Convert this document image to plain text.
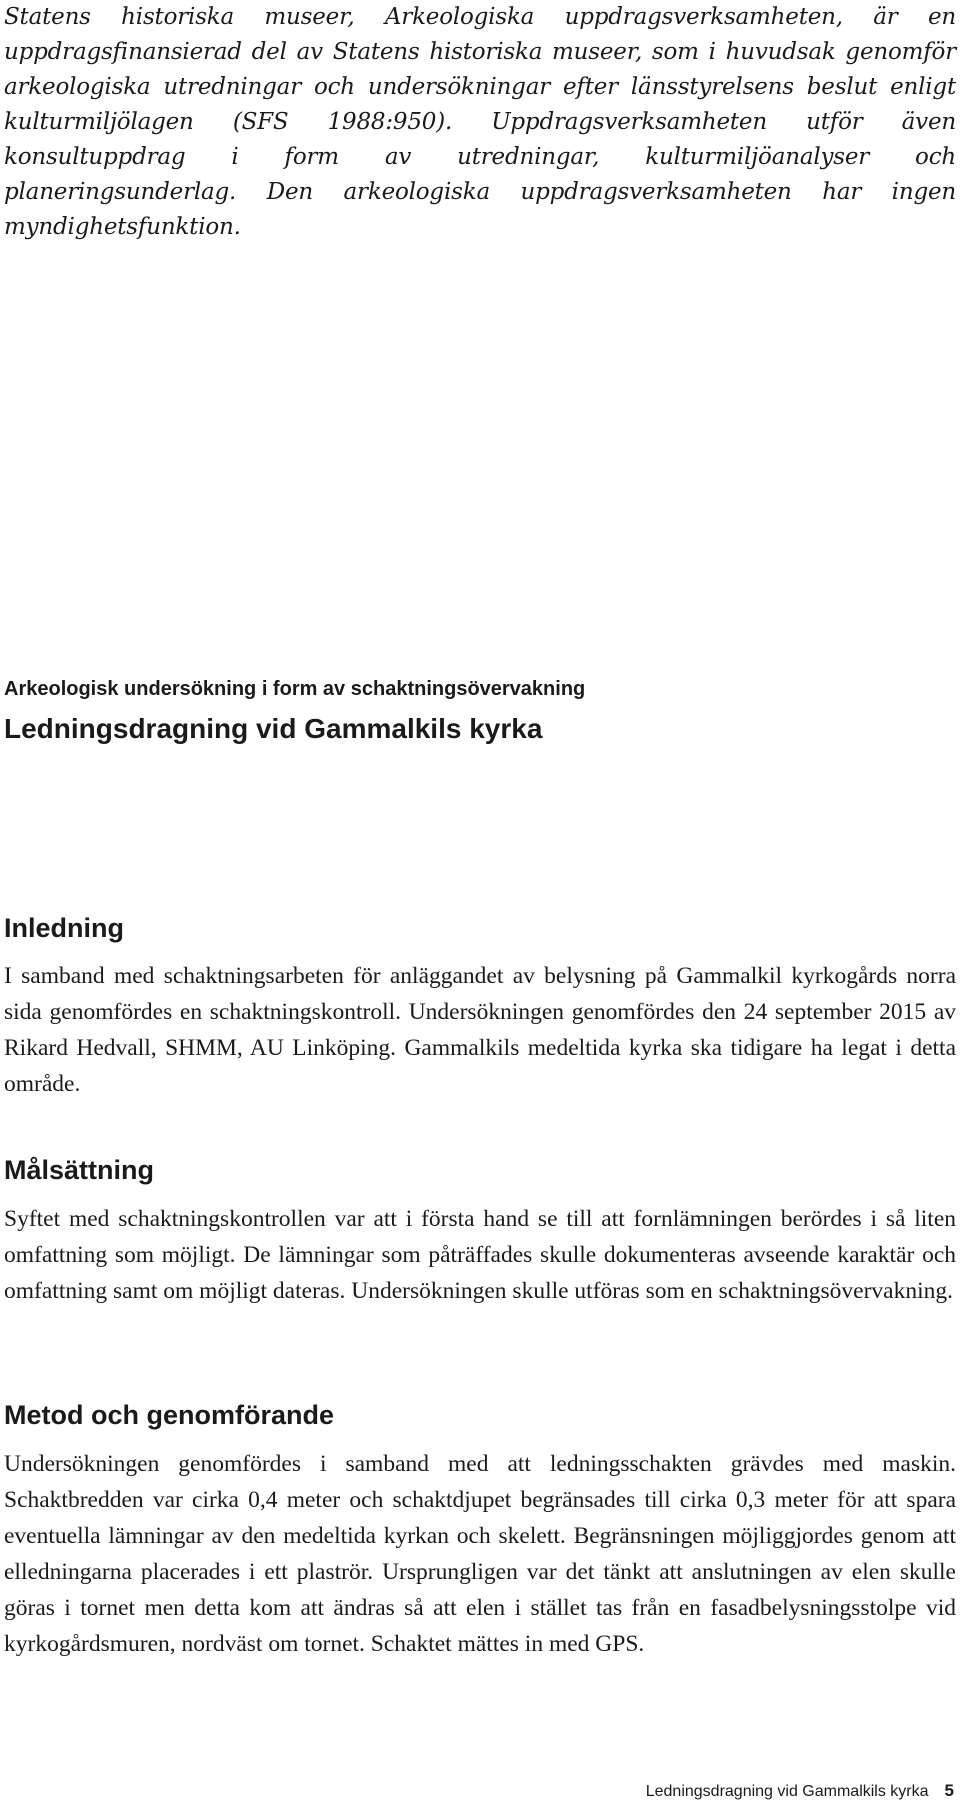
Statens historiska museer, Arkeologiska uppdragsverksamheten, är en uppdragsfinansierad del av Statens historiska museer, som i huvudsak genomför arkeologiska utredningar och undersökningar efter länsstyrelsens beslut enligt kulturmiljölagen (SFS 1988:950). Uppdragsverksamheten utför även konsultuppdrag i form av utredningar, kulturmiljöanalyser och planeringsunderlag. Den arkeologiska uppdragsverksamheten har ingen myndighetsfunktion.

Arkeologisk undersökning i form av schaktningsövervakning

Ledningsdragning vid Gammalkils kyrka
Inledning

I samband med schaktningsarbeten för anläggandet av belysning på Gammalkil kyrkogårds norra sida genomfördes en schaktningskontroll. Undersökningen genomfördes den 24 september 2015 av Rikard Hedvall, SHMM, AU Linköping. Gammalkils medeltida kyrka ska tidigare ha legat i detta område.

Målsättning

Syftet med schaktningskontrollen var att i första hand se till att fornlämningen berördes i så liten omfattning som möjligt. De lämningar som påträffades skulle dokumenteras avseende karaktär och omfattning samt om möjligt dateras. Undersökningen skulle utföras som en schaktningsövervakning.

Metod och genomförande

Undersökningen genomfördes i samband med att ledningsschakten grävdes med maskin. Schaktbredden var cirka 0,4 meter och schaktdjupet begränsades till cirka 0,3 meter för att spara eventuella lämningar av den medeltida kyrkan och skelett. Begränsningen möjliggjordes genom att elledningarna placerades i ett plaströr. Ursprungligen var det tänkt att anslutningen av elen skulle göras i tornet men detta kom att ändras så att elen i stället tas från en fasadbelysningsstolpe vid kyrkogårdsmuren, nordväst om tornet. Schaktet mättes in med GPS.

Ledningsdragning vid Gammalkils kyrka 5
